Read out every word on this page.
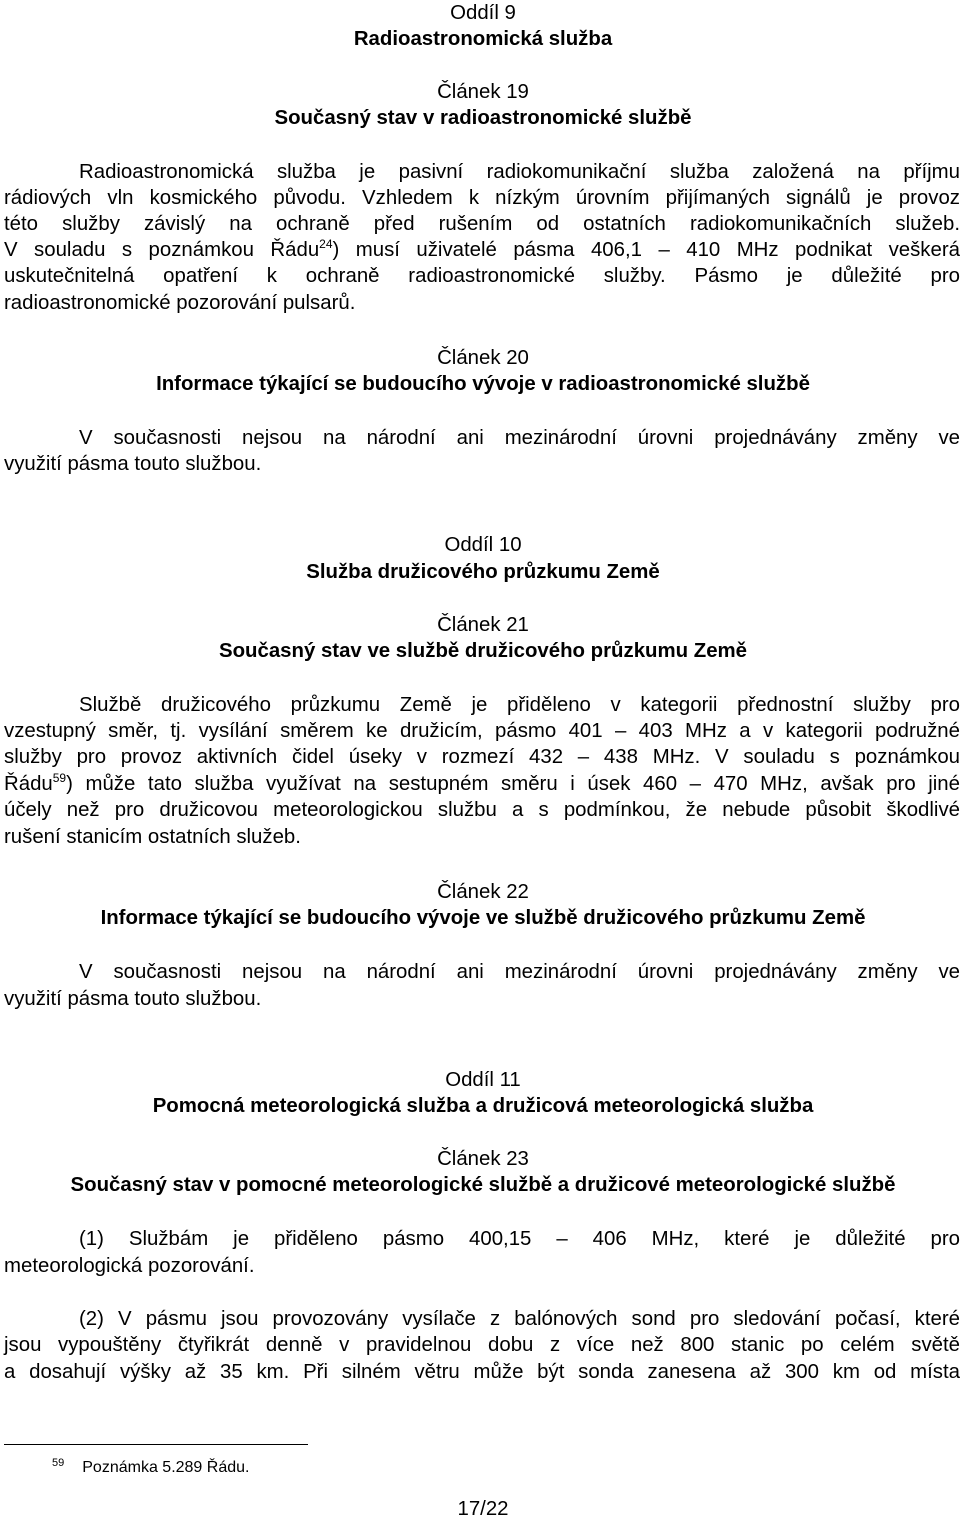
Oddíl 9
Radioastronomická služba
Článek 19
Současný stav v radioastronomické službě
Radioastronomická služba je pasivní radiokomunikační služba založená na příjmu
rádiových vln kosmického původu. Vzhledem k nízkým úrovním přijímaných signálů je provoz
této služby závislý na ochraně před rušením od ostatních radiokomunikačních služeb.
V souladu s poznámkou Řádu$^{24}$) musí uživatelé pásma 406,1 – 410 MHz podnikat veškerá
uskutečnitelná opatření k ochraně radioastronomické služby. Pásmo je důležité pro
radioastronomické pozorování pulsarů.
Článek 20
Informace týkající se budoucího vývoje v radioastronomické službě
V současnosti nejsou na národní ani mezinárodní úrovni projednávány změny ve
využití pásma touto službou.
Oddíl 10
Služba družicového průzkumu Země
Článek 21
Současný stav ve službě družicového průzkumu Země
Službě družicového průzkumu Země je přiděleno v kategorii přednostní služby pro
vzestupný směr, tj. vysílání směrem ke družicím, pásmo 401 – 403 MHz a v kategorii podružné
služby pro provoz aktivních čidel úseky v rozmezí 432 – 438 MHz. V souladu s poznámkou
Řádu$^{59}$) může tato služba využívat na sestupném směru i úsek 460 – 470 MHz, avšak pro jiné
účely než pro družicovou meteorologickou službu a s podmínkou, že nebude působit škodlivé
rušení stanicím ostatních služeb.
Článek 22
Informace týkající se budoucího vývoje ve službě družicového průzkumu Země
V současnosti nejsou na národní ani mezinárodní úrovni projednávány změny ve
využití pásma touto službou.
Oddíl 11
Pomocná meteorologická služba a družicová meteorologická služba
Článek 23
Současný stav v pomocné meteorologické službě a družicové meteorologické službě
(1) Službám je přiděleno pásmo 400,15 – 406 MHz, které je důležité pro
meteorologická pozorování.
(2) V pásmu jsou provozovány vysílače z balónových sond pro sledování počasí, které
jsou vypouštěny čtyřikrát denně v pravidelnou dobu z více než 800 stanic po celém světě
a dosahují výšky až 35 km. Při silném větru může být sonda zanesena až 300 km od místa
$^{59}$ Poznámka 5.289 Řádu.
17/22
